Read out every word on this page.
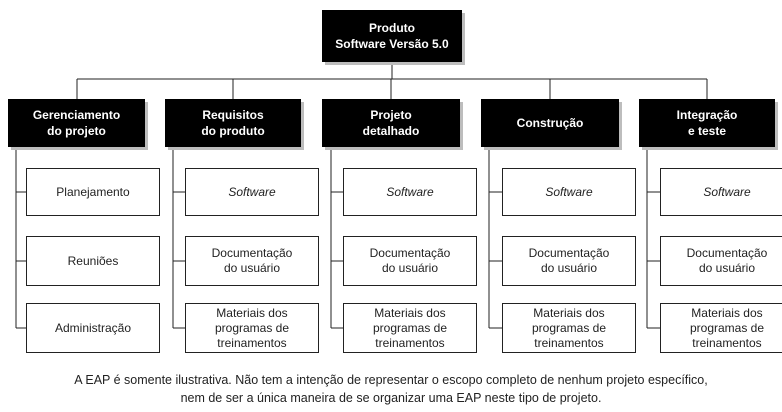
Produto
Software Versão 5.0
Gerenciamento
do projeto
Requisitos
do produto
Projeto
detalhado
Construção
Integração
e teste
Planejamento
Reuniões
Administração
Software
Documentação
do usuário
Materiais dos
programas de
treinamentos
Software
Documentação
do usuário
Materiais dos
programas de
treinamentos
Software
Documentação
do usuário
Materiais dos
programas de
treinamentos
Software
Documentação
do usuário
Materiais dos
programas de
treinamentos
A EAP é somente ilustrativa. Não tem a intenção de representar o escopo completo de nenhum projeto específico,
nem de ser a única maneira de se organizar uma EAP neste tipo de projeto.
